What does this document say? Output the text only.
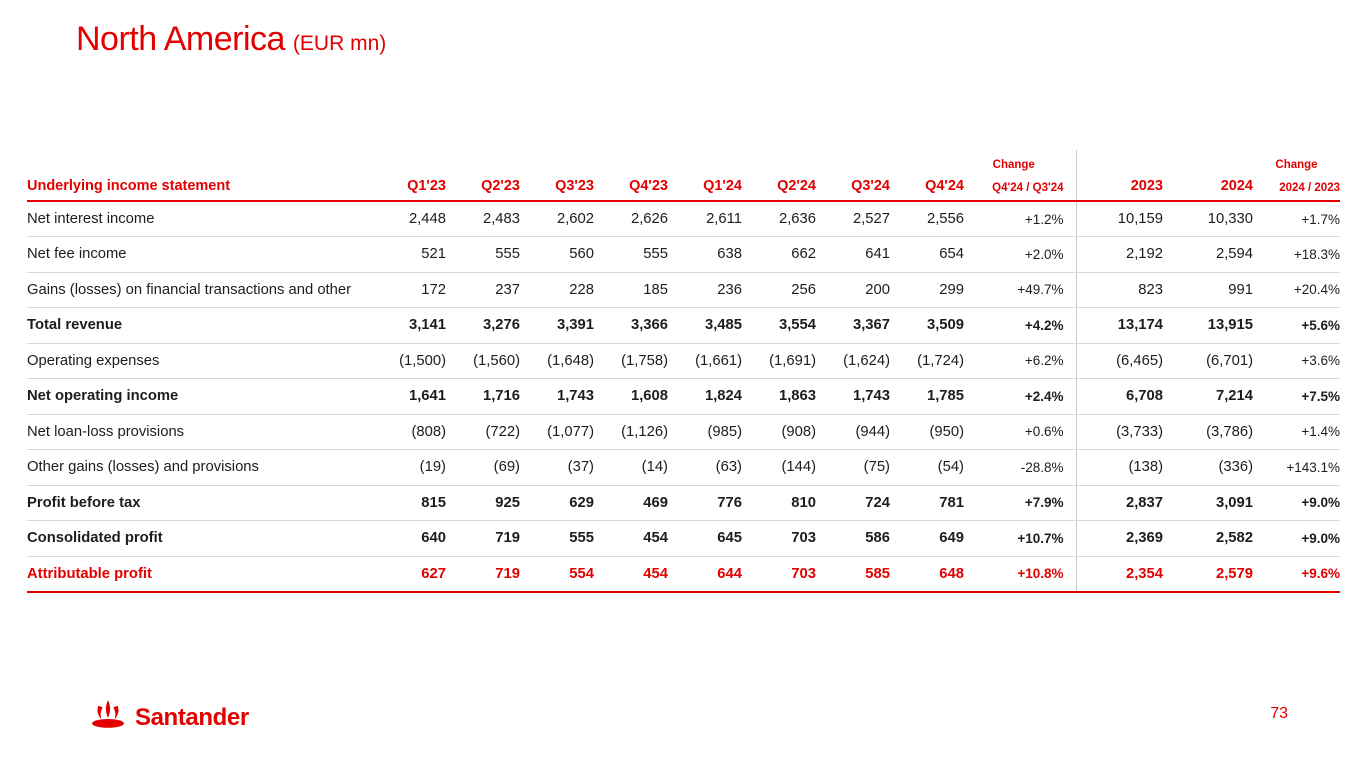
North America (EUR mn)
									Change			Change
Underlying income statement	Q1'23	Q2'23	Q3'23	Q4'23	Q1'24	Q2'24	Q3'24	Q4'24	Q4'24 / Q3'24	2023	2024	2024 / 2023
Net interest income	2,448	2,483	2,602	2,626	2,611	2,636	2,527	2,556	+1.2%	10,159	10,330	+1.7%
Net fee income	521	555	560	555	638	662	641	654	+2.0%	2,192	2,594	+18.3%
Gains (losses) on financial transactions and other	172	237	228	185	236	256	200	299	+49.7%	823	991	+20.4%
Total revenue	3,141	3,276	3,391	3,366	3,485	3,554	3,367	3,509	+4.2%	13,174	13,915	+5.6%
Operating expenses	(1,500)	(1,560)	(1,648)	(1,758)	(1,661)	(1,691)	(1,624)	(1,724)	+6.2%	(6,465)	(6,701)	+3.6%
Net operating income	1,641	1,716	1,743	1,608	1,824	1,863	1,743	1,785	+2.4%	6,708	7,214	+7.5%
Net loan-loss provisions	(808)	(722)	(1,077)	(1,126)	(985)	(908)	(944)	(950)	+0.6%	(3,733)	(3,786)	+1.4%
Other gains (losses) and provisions	(19)	(69)	(37)	(14)	(63)	(144)	(75)	(54)	-28.8%	(138)	(336)	+143.1%
Profit before tax	815	925	629	469	776	810	724	781	+7.9%	2,837	3,091	+9.0%
Consolidated profit	640	719	555	454	645	703	586	649	+10.7%	2,369	2,582	+9.0%
Attributable profit	627	719	554	454	644	703	585	648	+10.8%	2,354	2,579	+9.6%
Santander	73
